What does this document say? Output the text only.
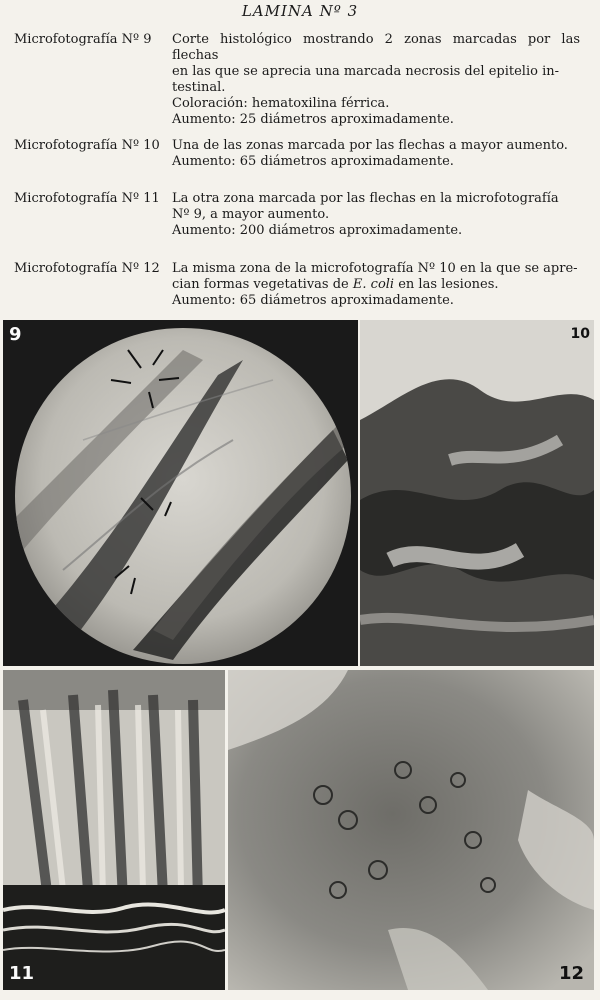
LAMINA Nº 3
Microfotografía Nº 9	Corte histológico mostrando 2 zonas marcadas por las flechas
en las que se aprecia una marcada necrosis del epitelio in-
testinal.
Coloración: hematoxilina férrica.
Aumento: 25 diámetros aproximadamente.
Microfotografía Nº 10 Una de las zonas marcada por las flechas a mayor aumento.
Aumento: 65 diámetros aproximadamente.
Microfotografía Nº 11 La otra zona marcada por las flechas en la microfotografía
Nº 9, a mayor aumento.
Aumento: 200 diámetros aproximadamente.
Microfotografía Nº 12 La misma zona de la microfotografía Nº 10 en la que se apre-
cian formas vegetativas de E. coli en las lesiones.
Aumento: 65 diámetros aproximadamente.
9	10
11	12
